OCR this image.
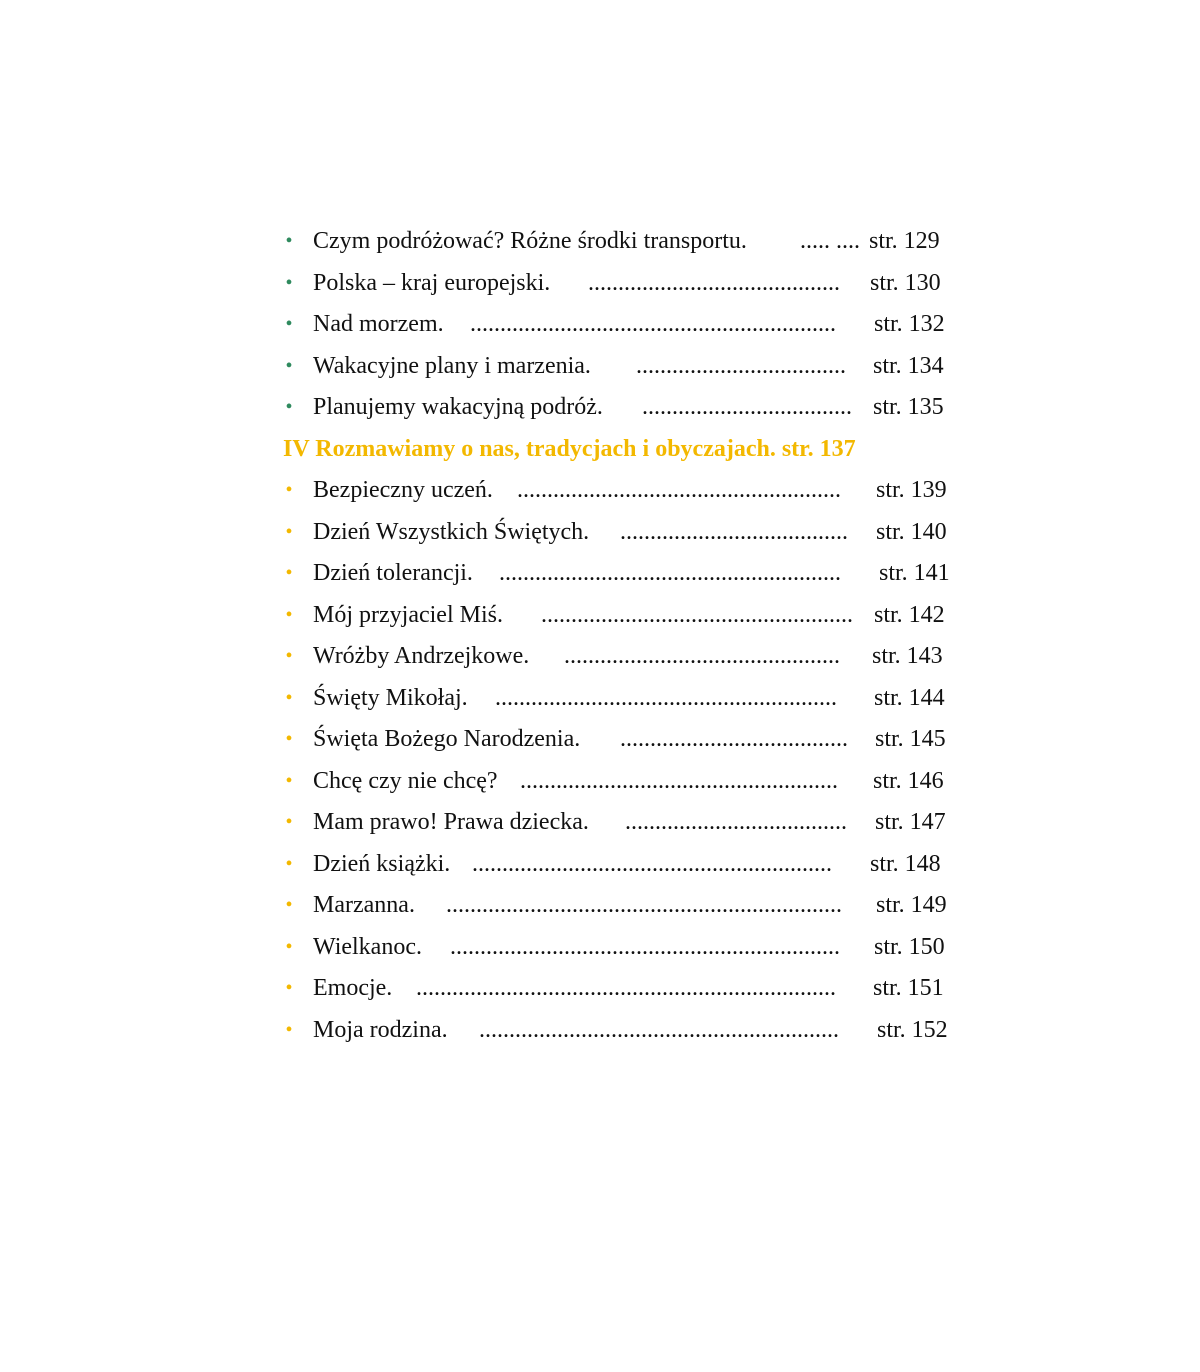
• Czym podróżować? Różne środki transportu. ..... .... str. 129
• Polska – kraj europejski. ..........................................	str. 130
• Nad morzem. .............................................................	str. 132
• Wakacyjne plany i marzenia. ...................................	str. 134
• Planujemy wakacyjną podróż. ................................... str. 135
IV Rozmawiamy o nas, tradycjach i obyczajach. str. 137
• Bezpieczny uczeń. ......................................................	str. 139
• Dzień Wszystkich Świętych. ......................................	str. 140
• Dzień tolerancji. .........................................................	str. 141
• Mój przyjaciel Miś. .................................................... str. 142
• Wróżby Andrzejkowe. ..............................................	str. 143
• Święty Mikołaj. .........................................................	str. 144
• Święta Bożego Narodzenia. ......................................	str. 145
• Chcę czy nie chcę? .....................................................	str. 146
• Mam prawo! Prawa dziecka. .....................................	str. 147
• Dzień książki. ............................................................	str. 148
• Marzanna. ..................................................................	str. 149
• Wielkanoc. .................................................................	str. 150
• Emocje. ......................................................................	str. 151
• Moja rodzina. ............................................................	str. 152
